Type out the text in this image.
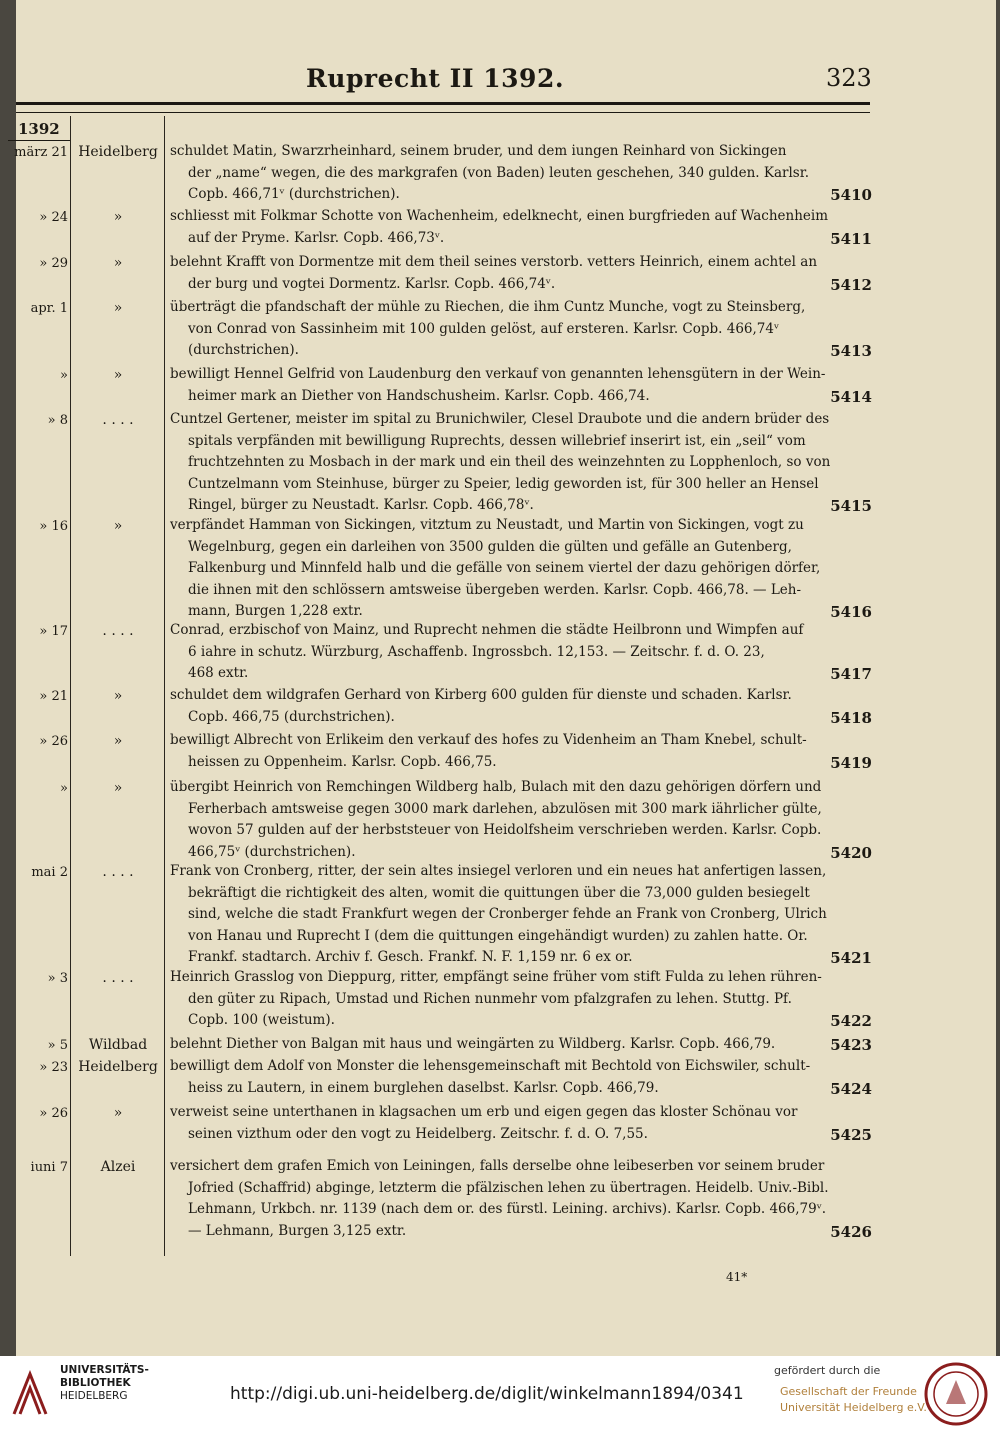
Ruprecht II 1392.	323
1392
märz 21 Heidelberg schuldet Matin, Swarzrheinhard, seinem bruder, und dem iungen Reinhard von Sickingen
der „name“ wegen, die des markgrafen (von Baden) leuten geschehen, 340 gulden. Karlsr.
Copb. 466,71ᵛ (durchstrichen).	5410
» 24	»	schliesst mit Folkmar Schotte von Wachenheim, edelknecht, einen burgfrieden auf Wachenheim
auf der Pryme. Karlsr. Copb. 466,73ᵛ.	5411
» 29	»	belehnt Krafft von Dormentze mit dem theil seines verstorb. vetters Heinrich, einem achtel an
der burg und vogtei Dormentz. Karlsr. Copb. 466,74ᵛ.	5412
apr. 1	»	überträgt die pfandschaft der mühle zu Riechen, die ihm Cuntz Munche, vogt zu Steinsberg,
von Conrad von Sassinheim mit 100 gulden gelöst, auf ersteren. Karlsr. Copb. 466,74ᵛ
(durchstrichen).	5413
»	»	bewilligt Hennel Gelfrid von Laudenburg den verkauf von genannten lehensgütern in der Wein-
heimer mark an Diether von Handschusheim. Karlsr. Copb. 466,74.	5414
» 8	. . . .	Cuntzel Gertener, meister im spital zu Brunichwiler, Clesel Draubote und die andern brüder des
spitals verpfänden mit bewilligung Ruprechts, dessen willebrief inserirt ist, ein „seil“ vom
fruchtzehnten zu Mosbach in der mark und ein theil des weinzehnten zu Lopphenloch, so von
Cuntzelmann vom Steinhuse, bürger zu Speier, ledig geworden ist, für 300 heller an Hensel
Ringel, bürger zu Neustadt. Karlsr. Copb. 466,78ᵛ.	5415
» 16	»	verpfändet Hamman von Sickingen, vitztum zu Neustadt, und Martin von Sickingen, vogt zu
Wegelnburg, gegen ein darleihen von 3500 gulden die gülten und gefälle an Gutenberg,
Falkenburg und Minnfeld halb und die gefälle von seinem viertel der dazu gehörigen dörfer,
die ihnen mit den schlössern amtsweise übergeben werden. Karlsr. Copb. 466,78. — Leh-
mann, Burgen 1,228 extr.	5416
» 17	. . . .	Conrad, erzbischof von Mainz, und Ruprecht nehmen die städte Heilbronn und Wimpfen auf
6 iahre in schutz. Würzburg, Aschaffenb. Ingrossbch. 12,153. — Zeitschr. f. d. O. 23,
468 extr.	5417
» 21	»	schuldet dem wildgrafen Gerhard von Kirberg 600 gulden für dienste und schaden. Karlsr.
Copb. 466,75 (durchstrichen).	5418
» 26	»	bewilligt Albrecht von Erlikeim den verkauf des hofes zu Videnheim an Tham Knebel, schult-
heissen zu Oppenheim. Karlsr. Copb. 466,75.	5419
»	»	übergibt Heinrich von Remchingen Wildberg halb, Bulach mit den dazu gehörigen dörfern und
Ferherbach amtsweise gegen 3000 mark darlehen, abzulösen mit 300 mark iährlicher gülte,
wovon 57 gulden auf der herbststeuer von Heidolfsheim verschrieben werden. Karlsr. Copb.
466,75ᵛ (durchstrichen).	5420
mai 2	. . . .	Frank von Cronberg, ritter, der sein altes insiegel verloren und ein neues hat anfertigen lassen,
bekräftigt die richtigkeit des alten, womit die quittungen über die 73,000 gulden besiegelt
sind, welche die stadt Frankfurt wegen der Cronberger fehde an Frank von Cronberg, Ulrich
von Hanau und Ruprecht I (dem die quittungen eingehändigt wurden) zu zahlen hatte. Or.
Frankf. stadtarch. Archiv f. Gesch. Frankf. N. F. 1,159 nr. 6 ex or.	5421
» 3	. . . .	Heinrich Grasslog von Dieppurg, ritter, empfängt seine früher vom stift Fulda zu lehen rühren-
den güter zu Ripach, Umstad und Richen nunmehr vom pfalzgrafen zu lehen. Stuttg. Pf.
Copb. 100 (weistum).	5422
» 5	Wildbad	belehnt Diether von Balgan mit haus und weingärten zu Wildberg. Karlsr. Copb. 466,79.	5423
» 23 Heidelberg bewilligt dem Adolf von Monster die lehensgemeinschaft mit Bechtold von Eichswiler, schult-
heiss zu Lautern, in einem burglehen daselbst. Karlsr. Copb. 466,79.	5424
» 26	»	verweist seine unterthanen in klagsachen um erb und eigen gegen das kloster Schönau vor
seinen vizthum oder den vogt zu Heidelberg. Zeitschr. f. d. O. 7,55.	5425
iuni 7	Alzei	versichert dem grafen Emich von Leiningen, falls derselbe ohne leibeserben vor seinem bruder
Jofried (Schaffrid) abginge, letzterm die pfälzischen lehen zu übertragen. Heidelb. Univ.-Bibl.
Lehmann, Urkbch. nr. 1139 (nach dem or. des fürstl. Leining. archivs). Karlsr. Copb. 466,79ᵛ.
— Lehmann, Burgen 3,125 extr.	5426
41*
UNIVERSITÄTS-
BIBLIOTHEK
HEIDELBERG	http://digi.ub.uni-heidelberg.de/diglit/winkelmann1894/0341
gefördert durch die
Gesellschaft der Freunde
Universität Heidelberg e.V.
